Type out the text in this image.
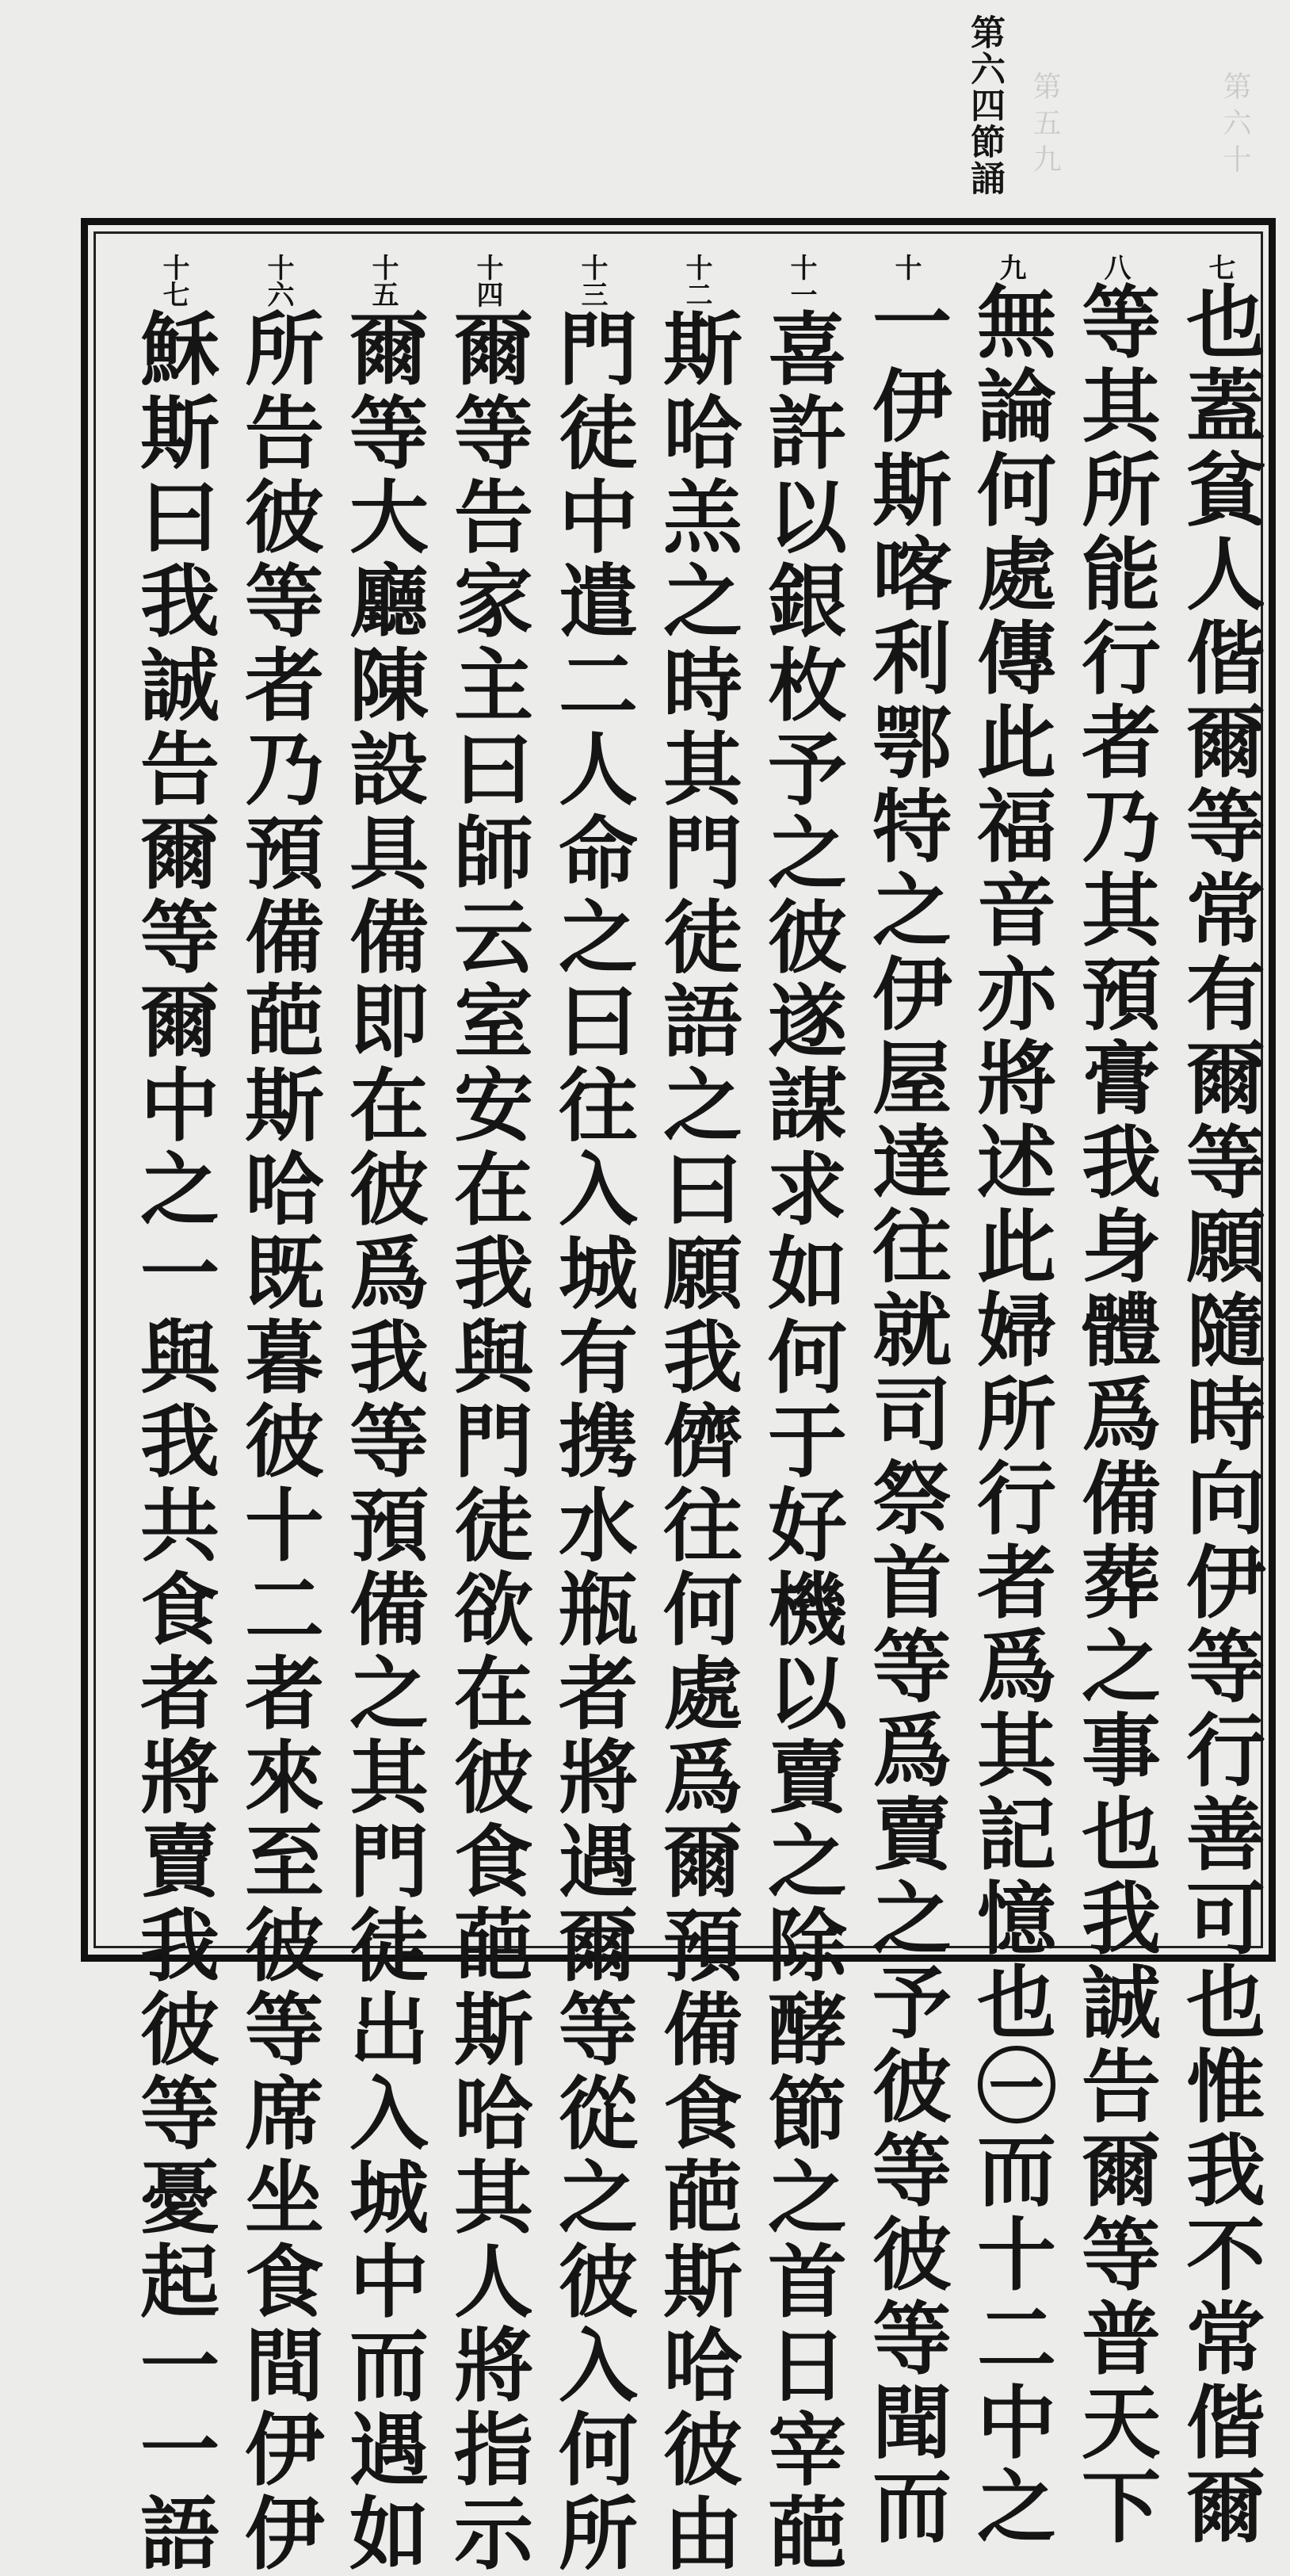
第六十
第五九
第六四節誦
七也蓋貧人偕爾等常有爾等願隨時向伊等行善可也惟我不常偕爾
八等其所能行者乃其預膏我身體爲備葬之事也我誠告爾等普天下
九無論何處傳此福音亦將述此婦所行者爲其記憶也㊀而十二中之
十一伊斯喀利鄂特之伊屋達往就司祭首等爲賣之予彼等彼等聞而
十一喜許以銀枚予之彼遂謀求如何于好機以賣之除酵節之首日宰葩
十二斯哈羔之時其門徒語之曰願我儕往何處爲爾預備食葩斯哈彼由
十三門徒中遣二人命之曰往入城有携水瓶者將遇爾等從之彼入何所
十四爾等告家主曰師云室安在我與門徒欲在彼食葩斯哈其人將指示
十五爾等大廳陳設具備即在彼爲我等預備之其門徒出入城中而遇如
十六所告彼等者乃預備葩斯哈既暮彼十二者來至彼等席坐食間伊伊
十七穌斯曰我誠告爾等爾中之一與我共食者將賣我彼等憂起一一語
